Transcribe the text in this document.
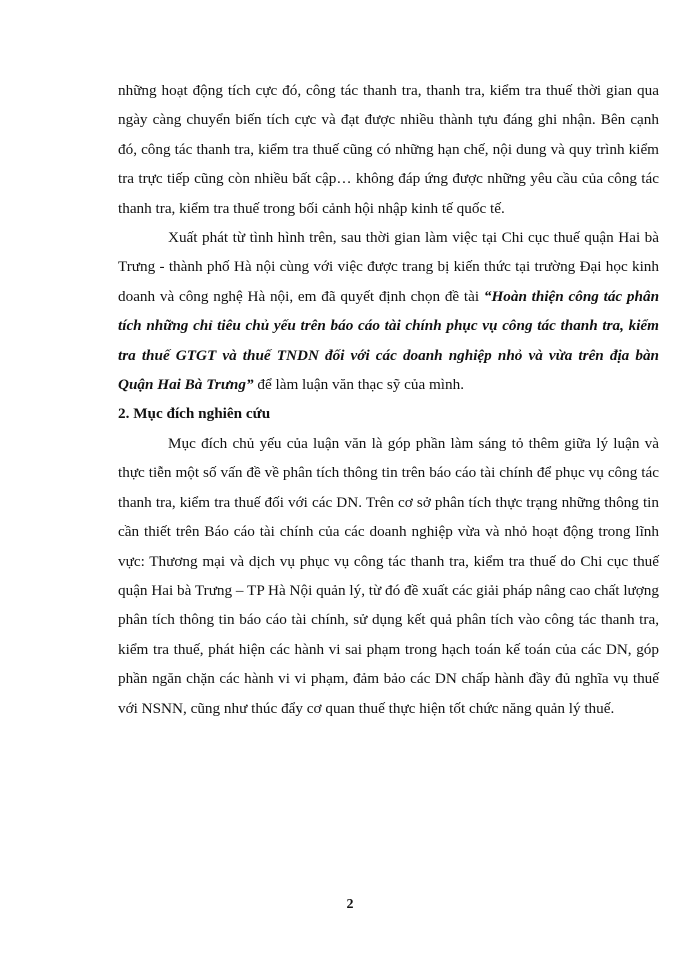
những hoạt động tích cực đó, công tác thanh tra, thanh tra, kiểm tra thuế thời gian qua ngày càng chuyển biến tích cực và đạt được nhiều thành tựu đáng ghi nhận. Bên cạnh đó, công tác thanh tra, kiểm tra thuế cũng có những hạn chế, nội dung và quy trình kiểm tra trực tiếp cũng còn nhiều bất cập… không đáp ứng được những yêu cầu của công tác thanh tra, kiểm tra thuế trong bối cảnh hội nhập kinh tế quốc tế.

Xuất phát từ tình hình trên, sau thời gian làm việc tại Chi cục thuế quận Hai bà Trưng - thành phố Hà nội cùng với việc được trang bị kiến thức tại trường Đại học kinh doanh và công nghệ Hà nội, em đã quyết định chọn đề tài “Hoàn thiện công tác phân tích những chỉ tiêu chủ yếu trên báo cáo tài chính phục vụ công tác thanh tra, kiểm tra thuế GTGT và thuế TNDN đối với các doanh nghiệp nhỏ và vừa trên địa bàn Quận Hai Bà Trưng” để làm luận văn thạc sỹ của mình.

2. Mục đích nghiên cứu

Mục đích chủ yếu của luận văn là góp phần làm sáng tỏ thêm giữa lý luận và thực tiễn một số vấn đề về phân tích thông tin trên báo cáo tài chính để phục vụ công tác thanh tra, kiểm tra thuế đối với các DN. Trên cơ sở phân tích thực trạng những thông tin cần thiết trên Báo cáo tài chính của các doanh nghiệp vừa và nhỏ hoạt động trong lĩnh vực: Thương mại và dịch vụ phục vụ công tác thanh tra, kiểm tra thuế do Chi cục thuế quận Hai bà Trưng – TP Hà Nội quản lý, từ đó đề xuất các giải pháp nâng cao chất lượng phân tích thông tin báo cáo tài chính, sử dụng kết quả phân tích vào công tác thanh tra, kiểm tra thuế, phát hiện các hành vi sai phạm trong hạch toán kế toán của các DN, góp phần ngăn chặn các hành vi vi phạm, đảm bảo các DN chấp hành đầy đủ nghĩa vụ thuế với NSNN, cũng như thúc đẩy cơ quan thuế thực hiện tốt chức năng quản lý thuế.

2
